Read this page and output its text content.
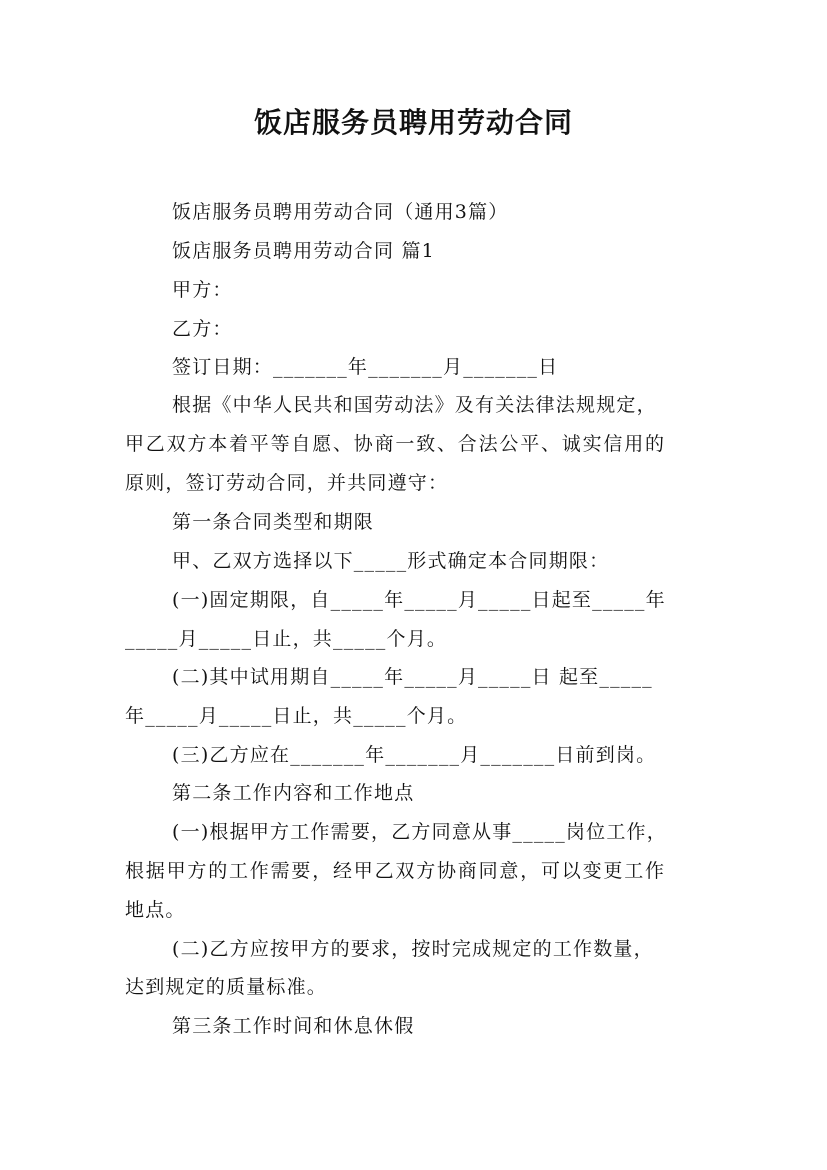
饭店服务员聘用劳动合同
饭店服务员聘用劳动合同（通用3篇）
饭店服务员聘用劳动合同 篇1
甲方：
乙方：
签订日期：_______年_______月_______日
根据《中华人民共和国劳动法》及有关法律法规规定，
甲乙双方本着平等自愿、协商一致、合法公平、诚实信用的
原则，签订劳动合同，并共同遵守：
第一条合同类型和期限
甲、乙双方选择以下_____形式确定本合同期限：
(一)固定期限，自_____年_____月_____日起至_____年
_____月_____日止，共_____个月。
(二)其中试用期自_____年_____月_____日 起至_____
年_____月_____日止，共_____个月。
(三)乙方应在_______年_______月_______日前到岗。
第二条工作内容和工作地点
(一)根据甲方工作需要，乙方同意从事_____岗位工作，
根据甲方的工作需要，经甲乙双方协商同意，可以变更工作
地点。
(二)乙方应按甲方的要求，按时完成规定的工作数量，
达到规定的质量标准。
第三条工作时间和休息休假
